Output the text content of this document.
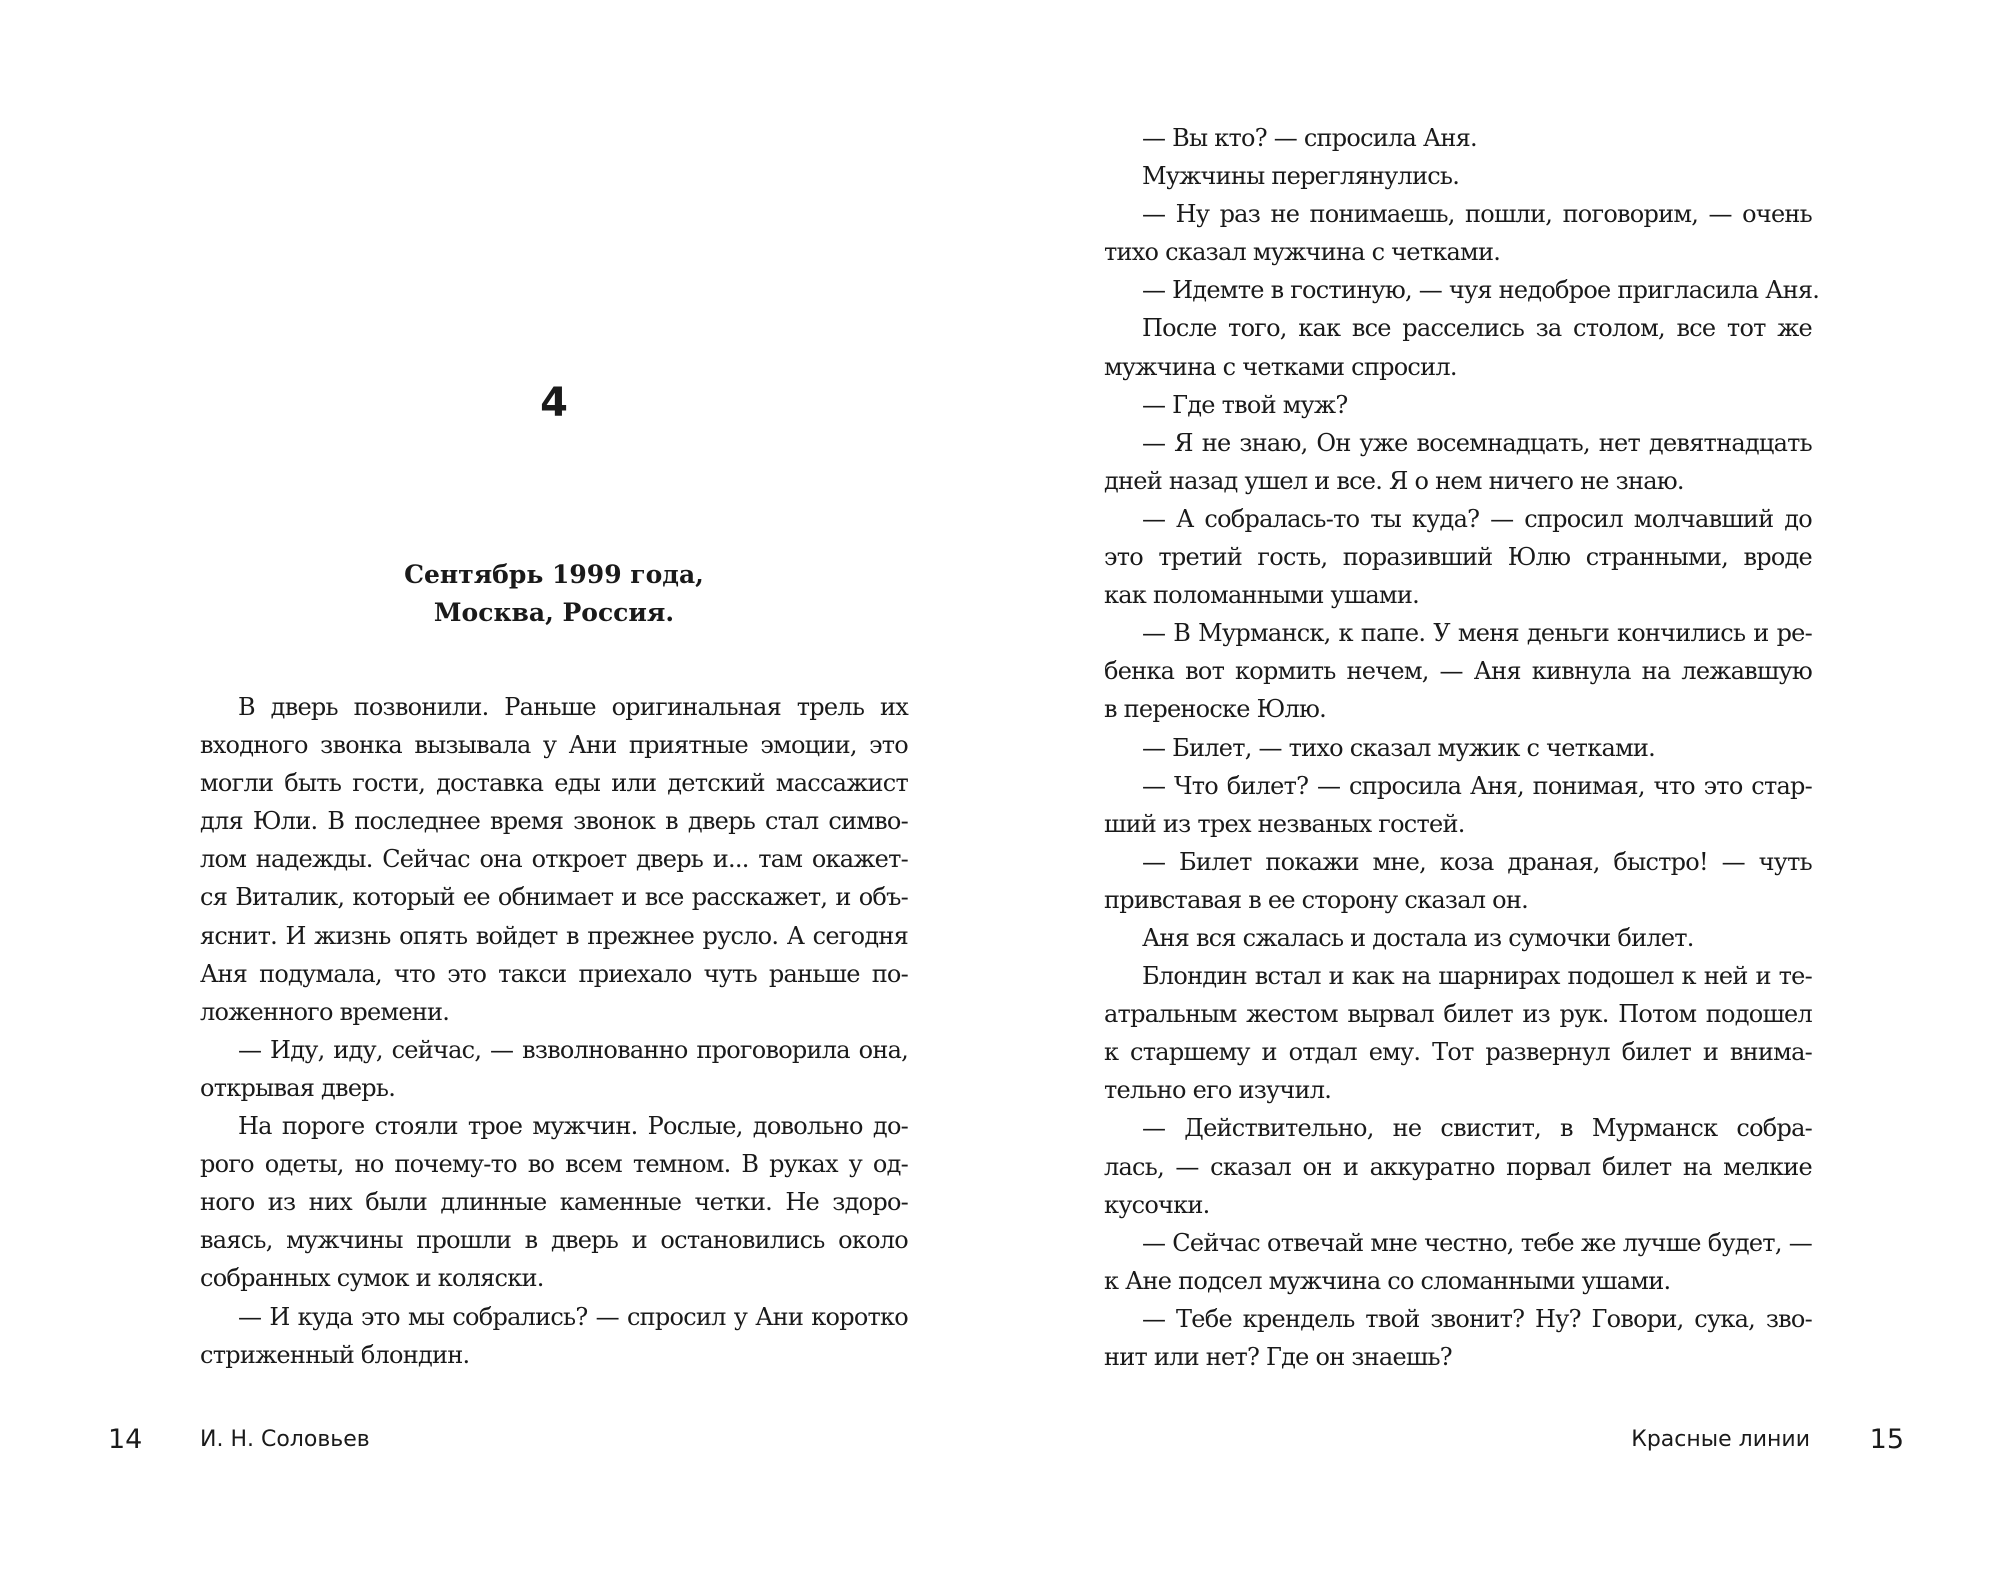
4
Сентябрь 1999 года,
Москва, Россия.
В дверь позвонили. Раньше оригинальная трель их
входного звонка вызывала у Ани приятные эмоции, это
могли быть гости, доставка еды или детский массажист
для Юли. В последнее время звонок в дверь стал симво-
лом надежды. Сейчас она откроет дверь и... там окажет-
ся Виталик, который ее обнимает и все расскажет, и объ-
яснит. И жизнь опять войдет в прежнее русло. А сегодня
Аня подумала, что это такси приехало чуть раньше по-
ложенного времени.
— Иду, иду, сейчас, — взволнованно проговорила она,
открывая дверь.
На пороге стояли трое мужчин. Рослые, довольно до-
рого одеты, но почему-то во всем темном. В руках у од-
ного из них были длинные каменные четки. Не здоро-
ваясь, мужчины прошли в дверь и остановились около
собранных сумок и коляски.
— И куда это мы собрались? — спросил у Ани коротко
стриженный блондин.
14	И. Н. Соловьев
— Вы кто? — спросила Аня.
Мужчины переглянулись.
— Ну раз не понимаешь, пошли, поговорим, — очень
тихо сказал мужчина с четками.
— Идемте в гостиную, — чуя недоброе пригласила Аня.
После того, как все расселись за столом, все тот же
мужчина с четками спросил.
— Где твой муж?
— Я не знаю, Он уже восемнадцать, нет девятнадцать
дней назад ушел и все. Я о нем ничего не знаю.
— А собралась-то ты куда? — спросил молчавший до
это третий гость, поразивший Юлю странными, вроде
как поломанными ушами.
— В Мурманск, к папе. У меня деньги кончились и ре-
бенка вот кормить нечем, — Аня кивнула на лежавшую
в переноске Юлю.
— Билет, — тихо сказал мужик с четками.
— Что билет? — спросила Аня, понимая, что это стар-
ший из трех незваных гостей.
— Билет покажи мне, коза драная, быстро! — чуть
привставая в ее сторону сказал он.
Аня вся сжалась и достала из сумочки билет.
Блондин встал и как на шарнирах подошел к ней и те-
атральным жестом вырвал билет из рук. Потом подошел
к старшему и отдал ему. Тот развернул билет и внима-
тельно его изучил.
— Действительно, не свистит, в Мурманск собра-
лась, — сказал он и аккуратно порвал билет на мелкие
кусочки.
— Сейчас отвечай мне честно, тебе же лучше будет, —
к Ане подсел мужчина со сломанными ушами.
— Тебе крендель твой звонит? Ну? Говори, сука, зво-
нит или нет? Где он знаешь?
Красные линии 15
